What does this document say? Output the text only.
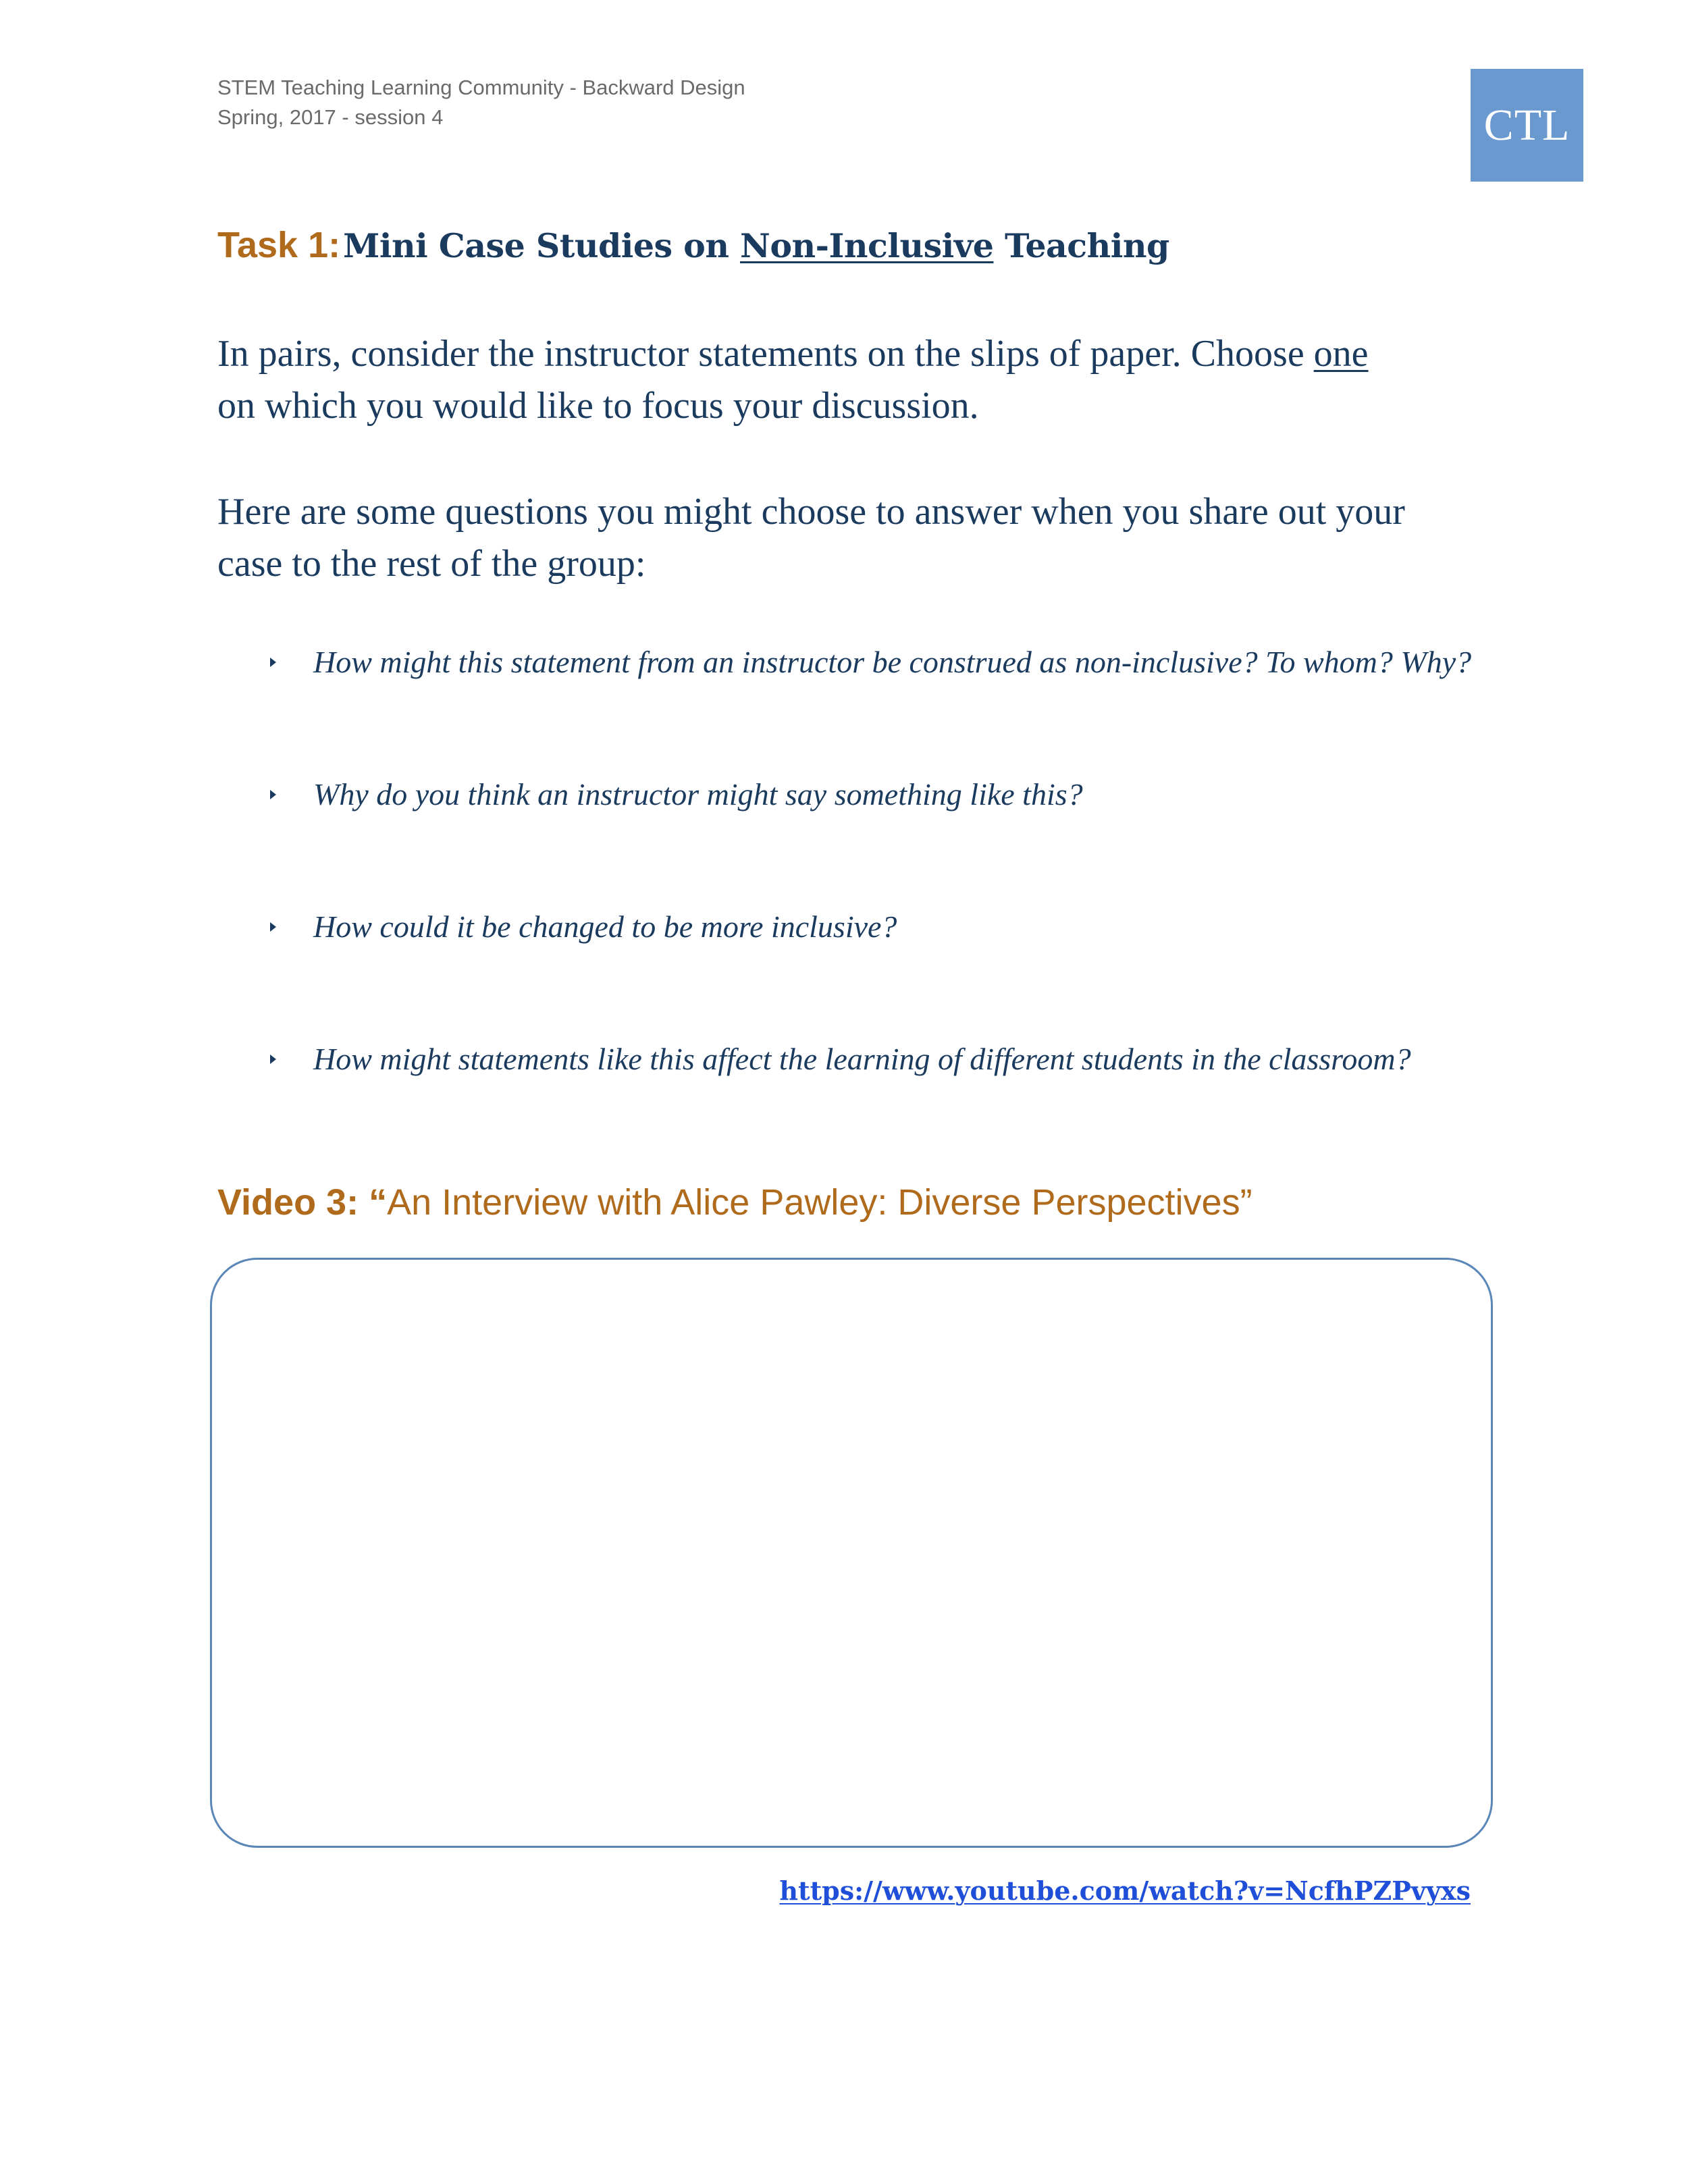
STEM Teaching Learning Community - Backward Design
Spring, 2017 - session 4	CTL
Task 1: Mini Case Studies on Non-Inclusive Teaching
In pairs, consider the instructor statements on the slips of paper. Choose one
on which you would like to focus your discussion.
Here are some questions you might choose to answer when you share out your
case to the rest of the group:
How might this statement from an instructor be construed as non-inclusive? To whom? Why?
Why do you think an instructor might say something like this?
How could it be changed to be more inclusive?
How might statements like this affect the learning of different students in the classroom?
Video 3: “An Interview with Alice Pawley: Diverse Perspectives”
https://www.youtube.com/watch?v=NcfhPZPvyxs
